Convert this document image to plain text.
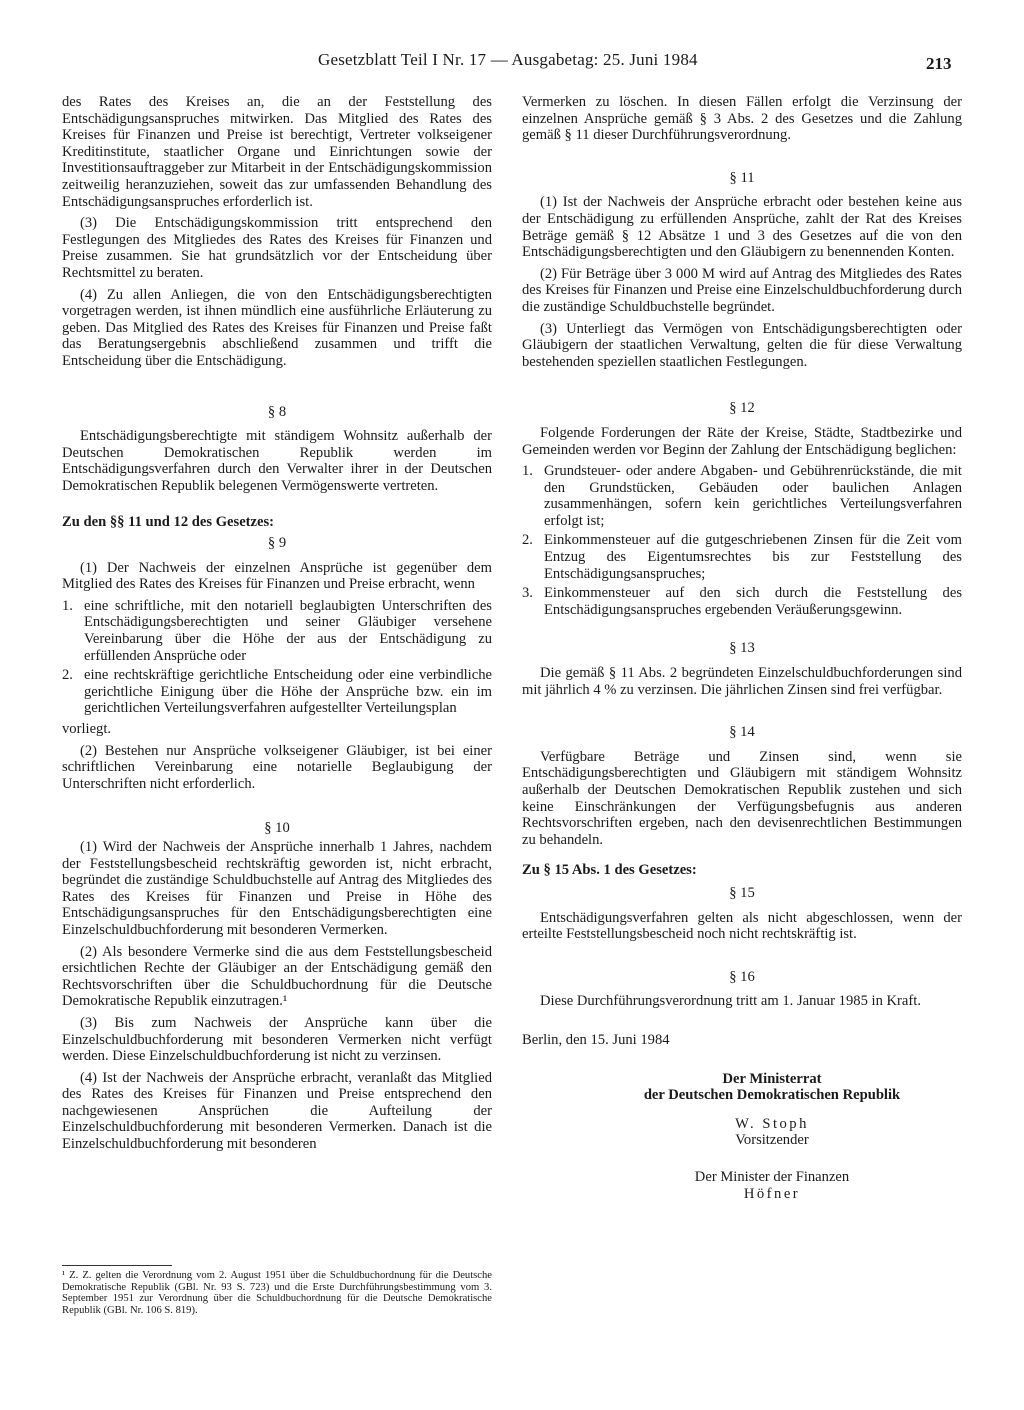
Gesetzblatt Teil I Nr. 17 — Ausgabetag: 25. Juni 1984	213

des Rates des Kreises an, die an der Feststellung des Entschädigungsanspruches mitwirken. Das Mitglied des Rates des Kreises für Finanzen und Preise ist berechtigt, Vertreter volkseigener Kreditinstitute, staatlicher Organe und Einrichtungen sowie der Investitionsauftraggeber zur Mitarbeit in der Entschädigungskommission zeitweilig heranzuziehen, soweit das zur umfassenden Behandlung des Entschädigungsanspruches erforderlich ist.

(3) Die Entschädigungskommission tritt entsprechend den Festlegungen des Mitgliedes des Rates des Kreises für Finanzen und Preise zusammen. Sie hat grundsätzlich vor der Entscheidung über Rechtsmittel zu beraten.

(4) Zu allen Anliegen, die von den Entschädigungsberechtigten vorgetragen werden, ist ihnen mündlich eine ausführliche Erläuterung zu geben. Das Mitglied des Rates des Kreises für Finanzen und Preise faßt das Beratungsergebnis abschließend zusammen und trifft die Entscheidung über die Entschädigung.

§ 8

Entschädigungsberechtigte mit ständigem Wohnsitz außerhalb der Deutschen Demokratischen Republik werden im Entschädigungsverfahren durch den Verwalter ihrer in der Deutschen Demokratischen Republik belegenen Vermögenswerte vertreten.

Zu den §§ 11 und 12 des Gesetzes:
§ 9

(1) Der Nachweis der einzelnen Ansprüche ist gegenüber dem Mitglied des Rates des Kreises für Finanzen und Preise erbracht, wenn

1. eine schriftliche, mit den notariell beglaubigten Unterschriften des Entschädigungsberechtigten und seiner Gläubiger versehene Vereinbarung über die Höhe der aus der Entschädigung zu erfüllenden Ansprüche oder
2. eine rechtskräftige gerichtliche Entscheidung oder eine verbindliche gerichtliche Einigung über die Höhe der Ansprüche bzw. ein im gerichtlichen Verteilungsverfahren aufgestellter Verteilungsplan

vorliegt.

(2) Bestehen nur Ansprüche volkseigener Gläubiger, ist bei einer schriftlichen Vereinbarung eine notarielle Beglaubigung der Unterschriften nicht erforderlich.

§ 10

(1) Wird der Nachweis der Ansprüche innerhalb 1 Jahres, nachdem der Feststellungsbescheid rechtskräftig geworden ist, nicht erbracht, begründet die zuständige Schuldbuchstelle auf Antrag des Mitgliedes des Rates des Kreises für Finanzen und Preise in Höhe des Entschädigungsanspruches für den Entschädigungsberechtigten eine Einzelschuldbuchforderung mit besonderen Vermerken.

(2) Als besondere Vermerke sind die aus dem Feststellungsbescheid ersichtlichen Rechte der Gläubiger an der Entschädigung gemäß den Rechtsvorschriften über die Schuldbuchordnung für die Deutsche Demokratische Republik einzutragen.¹

(3) Bis zum Nachweis der Ansprüche kann über die Einzelschuldbuchforderung mit besonderen Vermerken nicht verfügt werden. Diese Einzelschuldbuchforderung ist nicht zu verzinsen.

(4) Ist der Nachweis der Ansprüche erbracht, veranlaßt das Mitglied des Rates des Kreises für Finanzen und Preise entsprechend den nachgewiesenen Ansprüchen die Aufteilung der Einzelschuldbuchforderung mit besonderen Vermerken. Danach ist die Einzelschuldbuchforderung mit besonderen

¹ Z. Z. gelten die Verordnung vom 2. August 1951 über die Schuldbuchordnung für die Deutsche Demokratische Republik (GBl. Nr. 93 S. 723) und die Erste Durchführungsbestimmung vom 3. September 1951 zur Verordnung über die Schuldbuchordnung für die Deutsche Demokratische Republik (GBl. Nr. 106 S. 819).

Vermerken zu löschen. In diesen Fällen erfolgt die Verzinsung der einzelnen Ansprüche gemäß § 3 Abs. 2 des Gesetzes und die Zahlung gemäß § 11 dieser Durchführungsverordnung.

§ 11

(1) Ist der Nachweis der Ansprüche erbracht oder bestehen keine aus der Entschädigung zu erfüllenden Ansprüche, zahlt der Rat des Kreises Beträge gemäß § 12 Absätze 1 und 3 des Gesetzes auf die von den Entschädigungsberechtigten und den Gläubigern zu benennenden Konten.

(2) Für Beträge über 3 000 M wird auf Antrag des Mitgliedes des Rates des Kreises für Finanzen und Preise eine Einzelschuldbuchforderung durch die zuständige Schuldbuchstelle begründet.

(3) Unterliegt das Vermögen von Entschädigungsberechtigten oder Gläubigern der staatlichen Verwaltung, gelten die für diese Verwaltung bestehenden speziellen staatlichen Festlegungen.

§ 12

Folgende Forderungen der Räte der Kreise, Städte, Stadtbezirke und Gemeinden werden vor Beginn der Zahlung der Entschädigung beglichen:

1. Grundsteuer- oder andere Abgaben- und Gebührenrückstände, die mit den Grundstücken, Gebäuden oder baulichen Anlagen zusammenhängen, sofern kein gerichtliches Verteilungsverfahren erfolgt ist;
2. Einkommensteuer auf die gutgeschriebenen Zinsen für die Zeit vom Entzug des Eigentumsrechtes bis zur Feststellung des Entschädigungsanspruches;
3. Einkommensteuer auf den sich durch die Feststellung des Entschädigungsanspruches ergebenden Veräußerungsgewinn.
§ 13

Die gemäß § 11 Abs. 2 begründeten Einzelschuldbuchforderungen sind mit jährlich 4 % zu verzinsen. Die jährlichen Zinsen sind frei verfügbar.

§ 14

Verfügbare Beträge und Zinsen sind, wenn sie Entschädigungsberechtigten und Gläubigern mit ständigem Wohnsitz außerhalb der Deutschen Demokratischen Republik zustehen und sich keine Einschränkungen der Verfügungsbefugnis aus anderen Rechtsvorschriften ergeben, nach den devisenrechtlichen Bestimmungen zu behandeln.

Zu § 15 Abs. 1 des Gesetzes:
§ 15

Entschädigungsverfahren gelten als nicht abgeschlossen, wenn der erteilte Feststellungsbescheid noch nicht rechtskräftig ist.

§ 16

Diese Durchführungsverordnung tritt am 1. Januar 1985 in Kraft.

Berlin, den 15. Juni 1984

Der Ministerrat
der Deutschen Demokratischen Republik
W. Stoph
Vorsitzender
Der Minister der Finanzen
Höfner
